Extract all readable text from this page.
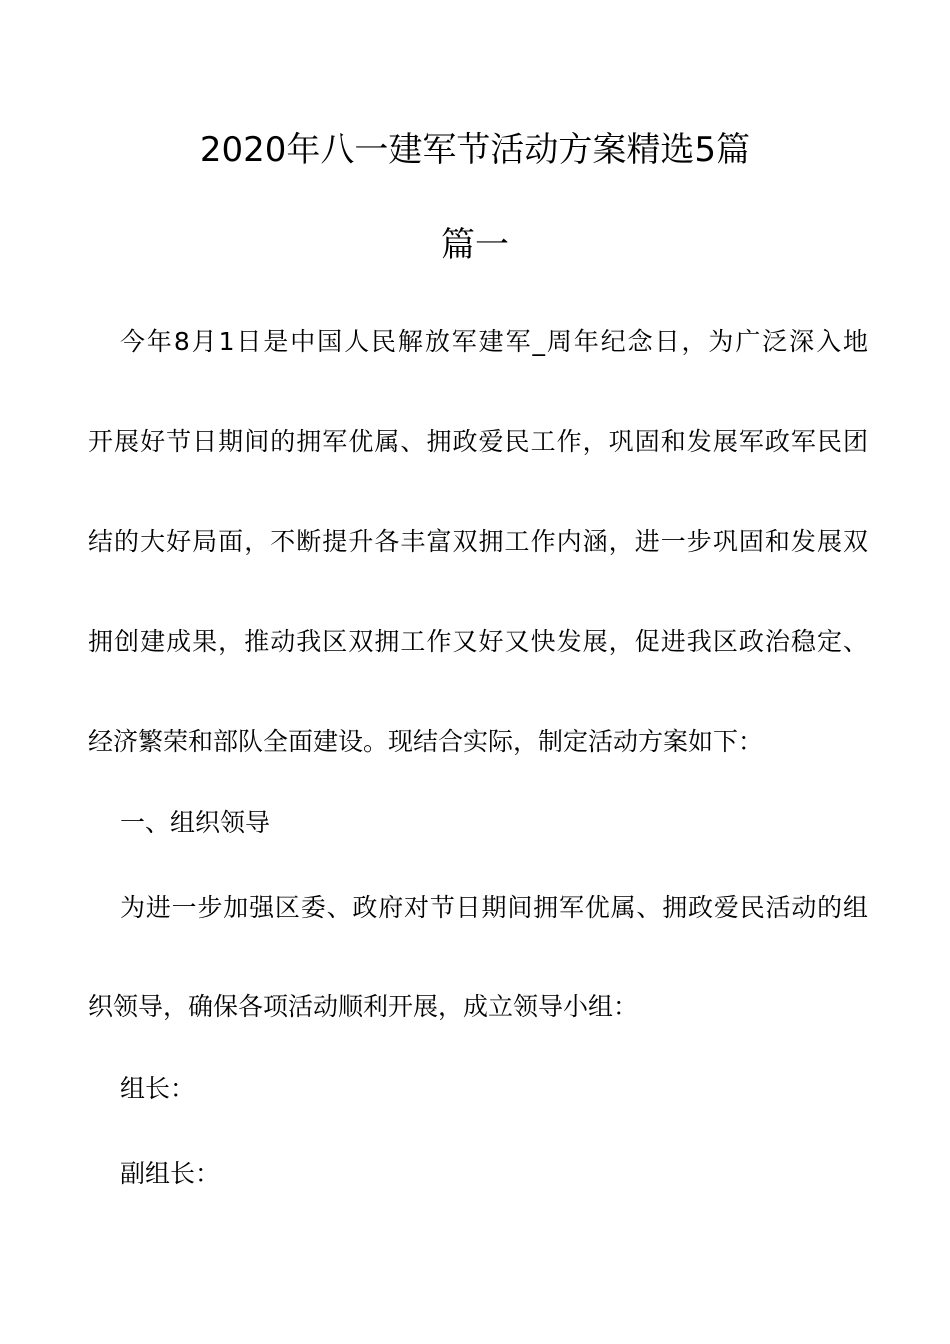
2020年八一建军节活动方案精选5篇
篇一
今年8月1日是中国人民解放军建军_周年纪念日，为广泛深入地
开展好节日期间的拥军优属、拥政爱民工作，巩固和发展军政军民团
结的大好局面，不断提升各丰富双拥工作内涵，进一步巩固和发展双
拥创建成果，推动我区双拥工作又好又快发展，促进我区政治稳定、
经济繁荣和部队全面建设。现结合实际，制定活动方案如下：
一、组织领导
为进一步加强区委、政府对节日期间拥军优属、拥政爱民活动的组
织领导，确保各项活动顺利开展，成立领导小组：
组长：
副组长：
